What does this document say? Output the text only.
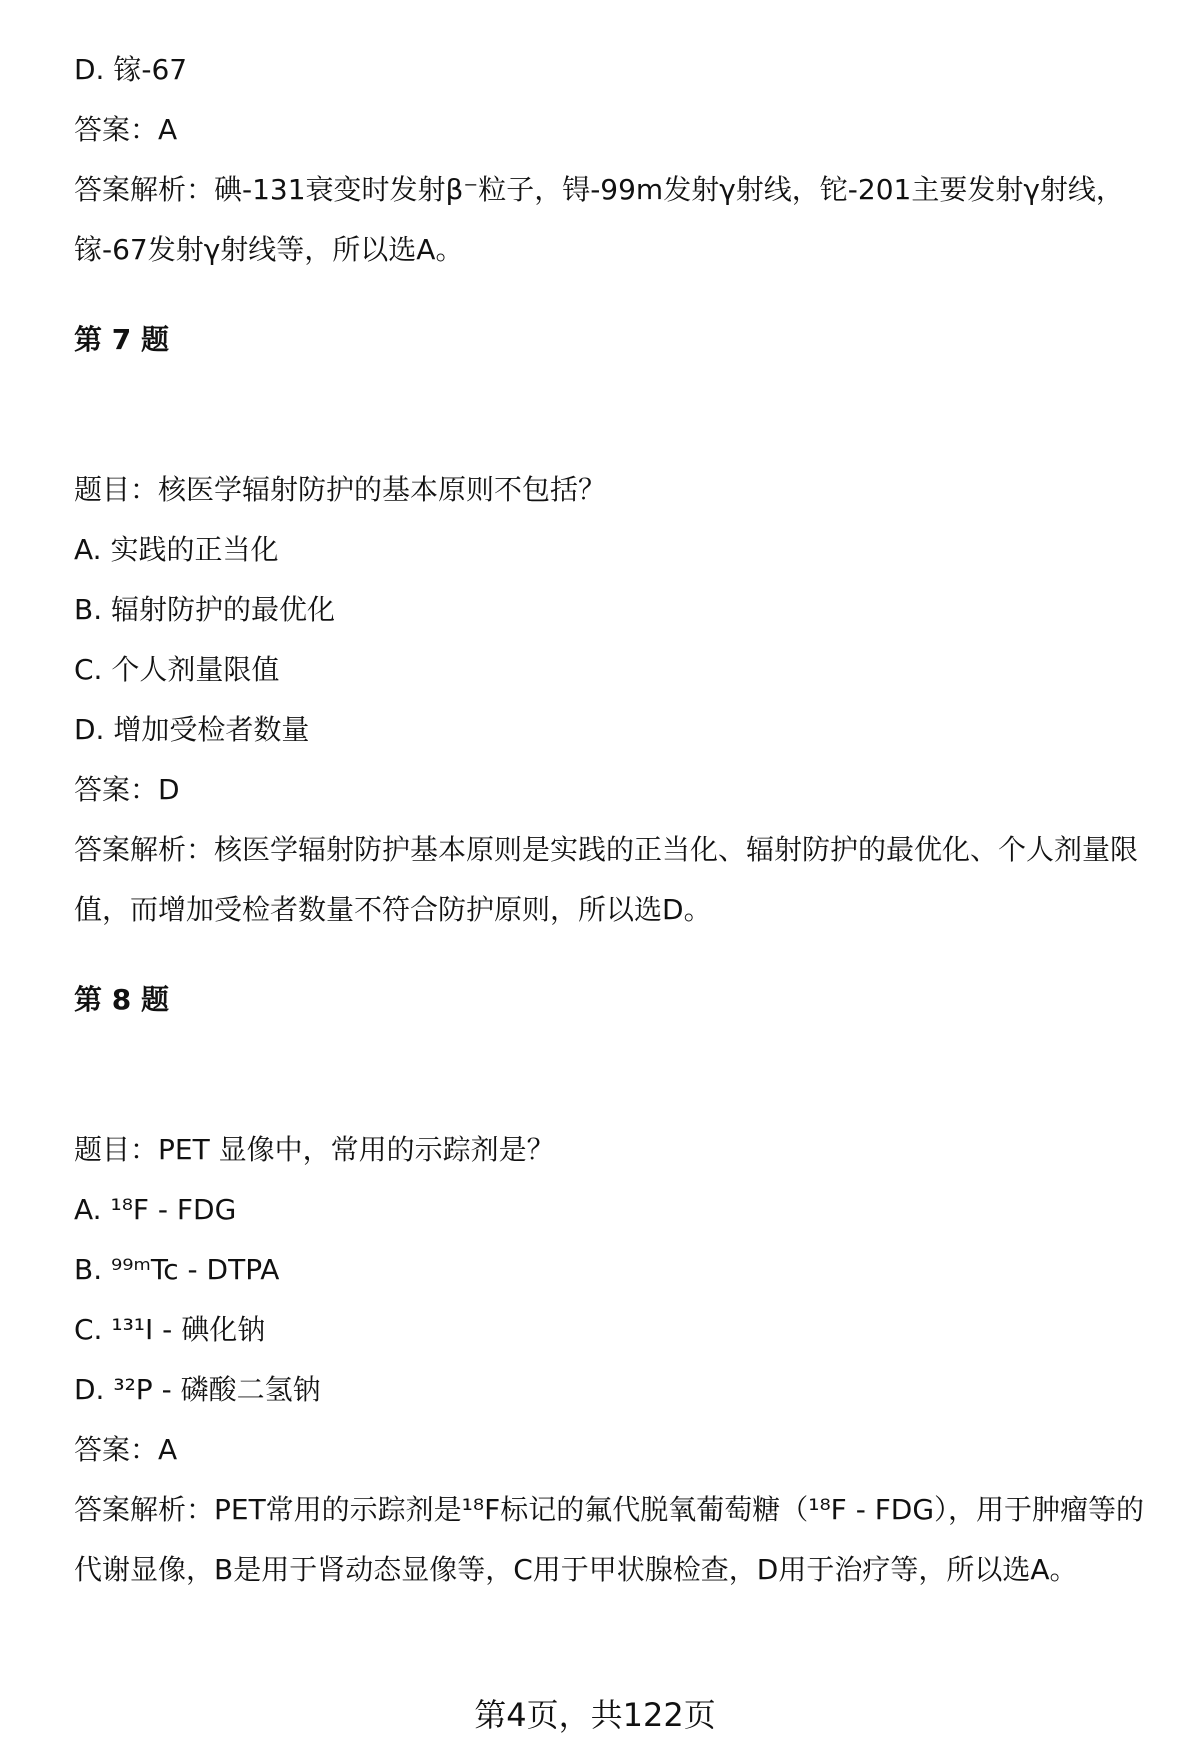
D. 镓-67
答案：A
答案解析：碘-131衰变时发射β⁻粒子，锝-99m发射γ射线，铊-201主要发射γ射线，镓-67发射γ射线等，所以选A。
第 7 题
题目：核医学辐射防护的基本原则不包括？
A. 实践的正当化
B. 辐射防护的最优化
C. 个人剂量限值
D. 增加受检者数量
答案：D
答案解析：核医学辐射防护基本原则是实践的正当化、辐射防护的最优化、个人剂量限值，而增加受检者数量不符合防护原则，所以选D。
第 8 题
题目：PET 显像中，常用的示踪剂是？
A. ¹⁸F - FDG
B. ⁹⁹ᵐTc - DTPA
C. ¹³¹I - 碘化钠
D. ³²P - 磷酸二氢钠
答案：A
答案解析：PET常用的示踪剂是¹⁸F标记的氟代脱氧葡萄糖（¹⁸F - FDG），用于肿瘤等的代谢显像，B是用于肾动态显像等，C用于甲状腺检查，D用于治疗等，所以选A。
第4页，共122页
